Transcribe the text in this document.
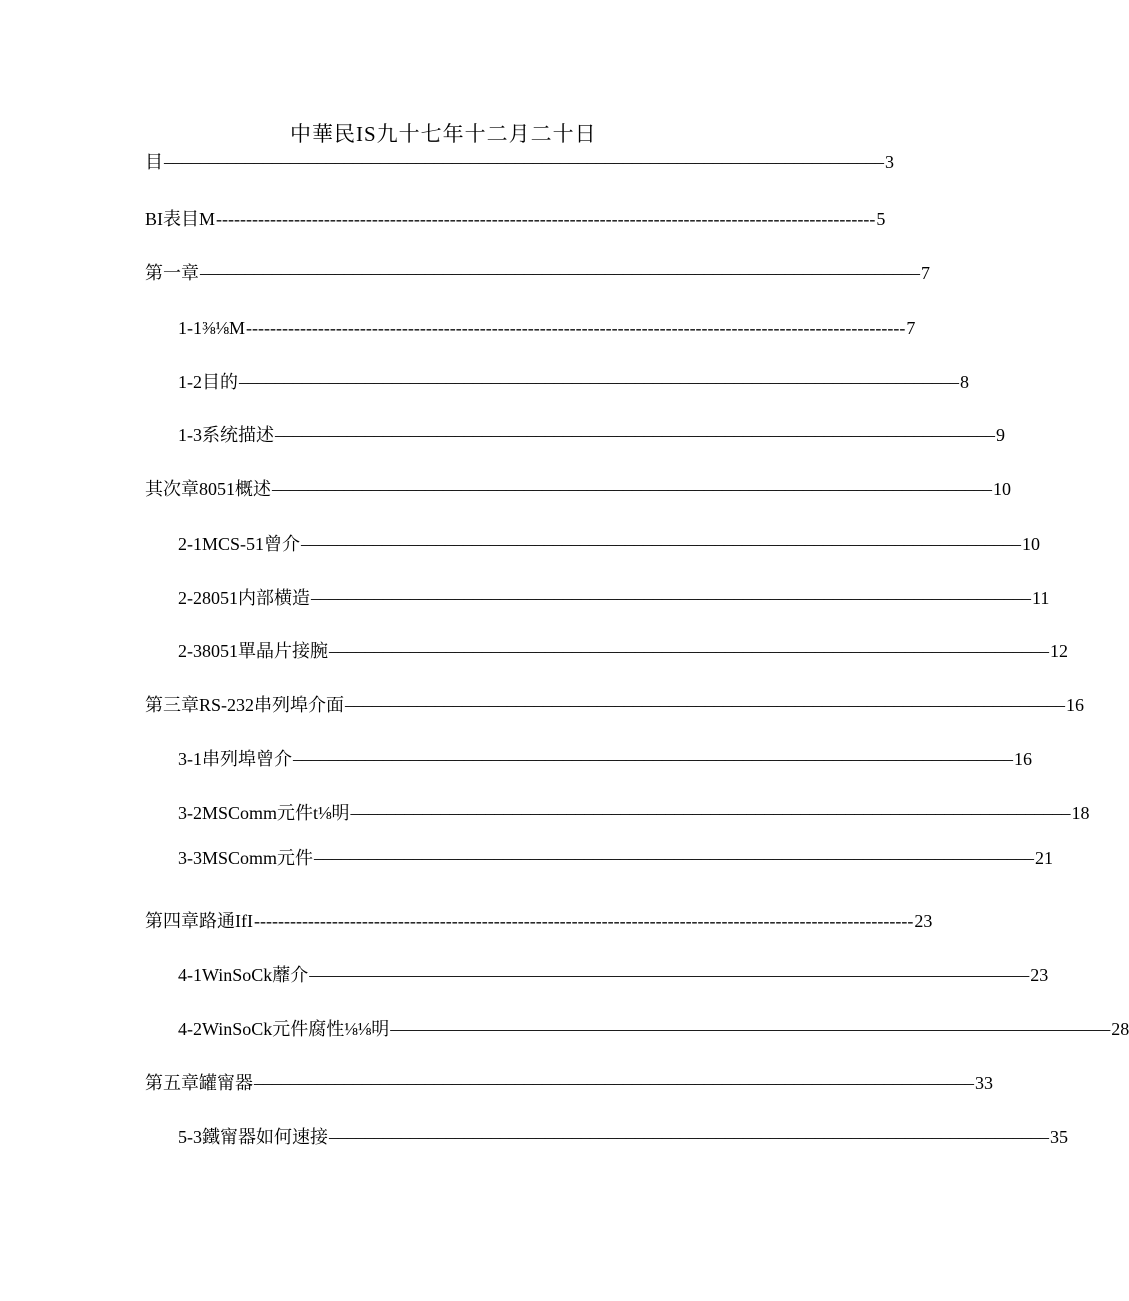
中華民IS九十七年十二月二十日
目 –––––––––––––––––––––––––––––––––––––––––––––––––––––––––––––––––––––––––––––––– 3
BI表目M -------------------------------------------------------------------------------------------------------------- 5
第一章 –––––––––––––––––––––––––––––––––––––––––––––––––––––––––––––––––––––––––––––––– 7
1-1⅜⅛M -------------------------------------------------------------------------------------------------------------- 7
1-2目的 –––––––––––––––––––––––––––––––––––––––––––––––––––––––––––––––––––––––––––––––– 8
1-3系统描述 –––––––––––––––––––––––––––––––––––––––––––––––––––––––––––––––––––––––––––––––– 9
其次章8051概述 –––––––––––––––––––––––––––––––––––––––––––––––––––––––––––––––––––––––––––––––– 10
2-1 MCS-51曾介 –––––––––––––––––––––––––––––––––––––––––––––––––––––––––––––––––––––––––––––––– 10
2-2 8051内部横造 –––––––––––––––––––––––––––––––––––––––––––––––––––––––––––––––––––––––––––––––– 11
2-3 8051單晶片接腕 –––––––––––––––––––––––––––––––––––––––––––––––––––––––––––––––––––––––––––––––– 12
第三章RS-232串列埠介面 –––––––––––––––––––––––––––––––––––––––––––––––––––––––––––––––––––––––––––––––– 16
3-1串列埠曾介 –––––––––––––––––––––––––––––––––––––––––––––––––––––––––––––––––––––––––––––––– 16
3-2MSComm元件t⅛明 –––––––––––––––––––––––––––––––––––––––––––––––––––––––––––––––––––––––––––––––– 18
3-3MSComm元件 –––––––––––––––––––––––––––––––––––––––––––––––––––––––––––––––––––––––––––––––– 21
第四章路通IfI -------------------------------------------------------------------------------------------------------------- 23
4-1WinSoCk蘼介 –––––––––––––––––––––––––––––––––––––––––––––––––––––––––––––––––––––––––––––––– 23
4-2WinSoCk元件腐性⅛⅛明 –––––––––––––––––––––––––––––––––––––––––––––––––––––––––––––––––––––––––––––––– 28
第五章罐甯器 –––––––––––––––––––––––––––––––––––––––––––––––––––––––––––––––––––––––––––––––– 33
5-3鐵甯器如何速接 –––––––––––––––––––––––––––––––––––––––––––––––––––––––––––––––––––––––––––––––– 35
